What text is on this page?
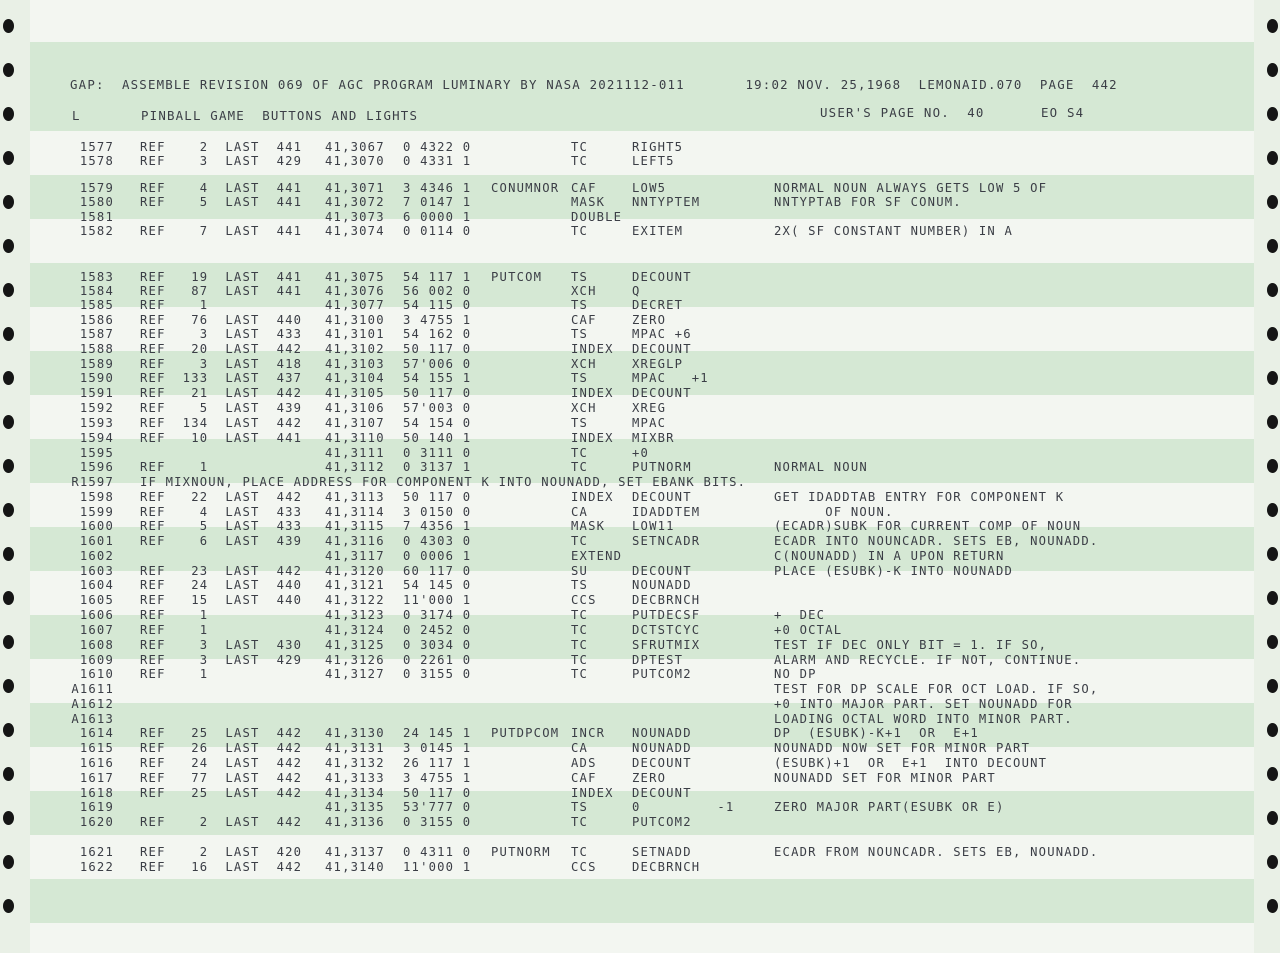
GAP:  ASSEMBLE REVISION 069 OF AGC PROGRAM LUMINARY BY NASA 2021112-011       19:02 NOV. 25,1968  LEMONAID.070  PAGE  442
L	PINBALL GAME  BUTTONS AND LIGHTS	USER'S PAGE NO.  40	EO S4
1577 REF    2  LAST  441 41,3067 0 4322 0	TC	RIGHT5
1578 REF    3  LAST  429 41,3070 0 4331 1	TC	LEFT5
1579 REF    4  LAST  441 41,3071 3 4346 1 CONUMNOR CAF	LOW5	NORMAL NOUN ALWAYS GETS LOW 5 OF
1580 REF    5  LAST  441 41,3072 7 0147 1	MASK NNTYPTEM	NNTYPTAB FOR SF CONUM.
1581	41,3073 6 0000 1	DOUBLE
1582 REF    7  LAST  441 41,3074 0 0114 0	TC	EXITEM	2X( SF CONSTANT NUMBER) IN A
1583 REF   19  LAST  441 41,3075 54 117 1 PUTCOM TS	DECOUNT
1584 REF   87  LAST  441 41,3076 56 002 0	XCH	Q
1585 REF    1	41,3077 54 115 0	TS	DECRET
1586 REF   76  LAST  440 41,3100 3 4755 1	CAF	ZERO
1587 REF    3  LAST  433 41,3101 54 162 0	TS	MPAC +6
1588 REF   20  LAST  442 41,3102 50 117 0	INDEX DECOUNT
1589 REF    3  LAST  418 41,3103 57'006 0	XCH	XREGLP
1590 REF  133  LAST  437 41,3104 54 155 1	TS	MPAC   +1
1591 REF   21  LAST  442 41,3105 50 117 0	INDEX DECOUNT
1592 REF    5  LAST  439 41,3106 57'003 0	XCH	XREG
1593 REF  134  LAST  442 41,3107 54 154 0	TS	MPAC
1594 REF   10  LAST  441 41,3110 50 140 1	INDEX MIXBR
1595	41,3111 0 3111 0	TC	+0
1596 REF    1	41,3112 0 3137 1	TC	PUTNORM	NORMAL NOUN
R1597 IF MIXNOUN, PLACE ADDRESS FOR COMPONENT K INTO NOUNADD, SET EBANK BITS.
1598 REF   22  LAST  442 41,3113 50 117 0	INDEX DECOUNT	GET IDADDTAB ENTRY FOR COMPONENT K
1599 REF    4  LAST  433 41,3114 3 0150 0	CA	IDADDTEM	OF NOUN.
1600 REF    5  LAST  433 41,3115 7 4356 1	MASK LOW11	(ECADR)SUBK FOR CURRENT COMP OF NOUN
1601 REF    6  LAST  439 41,3116 0 4303 0	TC	SETNCADR	ECADR INTO NOUNCADR. SETS EB, NOUNADD.
1602	41,3117 0 0006 1	EXTEND	C(NOUNADD) IN A UPON RETURN
1603 REF   23  LAST  442 41,3120 60 117 0	SU	DECOUNT	PLACE (ESUBK)-K INTO NOUNADD
1604 REF   24  LAST  440 41,3121 54 145 0	TS	NOUNADD
1605 REF   15  LAST  440 41,3122 11'000 1	CCS	DECBRNCH
1606 REF    1	41,3123 0 3174 0	TC	PUTDECSF	+  DEC
1607 REF    1	41,3124 0 2452 0	TC	DCTSTCYC	+0 OCTAL
1608 REF    3  LAST  430 41,3125 0 3034 0	TC	SFRUTMIX	TEST IF DEC ONLY BIT = 1. IF SO,
1609 REF    3  LAST  429 41,3126 0 2261 0	TC	DPTEST	ALARM AND RECYCLE. IF NOT, CONTINUE.
1610 REF    1	41,3127 0 3155 0	TC	PUTCOM2	NO DP
A1611	TEST FOR DP SCALE FOR OCT LOAD. IF SO,
A1612	+0 INTO MAJOR PART. SET NOUNADD FOR
A1613	LOADING OCTAL WORD INTO MINOR PART.
1614 REF   25  LAST  442 41,3130 24 145 1 PUTDPCOM INCR NOUNADD	DP  (ESUBK)-K+1  OR  E+1
1615 REF   26  LAST  442 41,3131 3 0145 1	CA	NOUNADD	NOUNADD NOW SET FOR MINOR PART
1616 REF   24  LAST  442 41,3132 26 117 1	ADS	DECOUNT	(ESUBK)+1  OR  E+1  INTO DECOUNT
1617 REF   77  LAST  442 41,3133 3 4755 1	CAF	ZERO	NOUNADD SET FOR MINOR PART
1618 REF   25  LAST  442 41,3134 50 117 0	INDEX DECOUNT
1619	41,3135 53'777 0	TS	0         -1	ZERO MAJOR PART(ESUBK OR E)
1620 REF    2  LAST  442 41,3136 0 3155 0	TC	PUTCOM2
1621 REF    2  LAST  420 41,3137 0 4311 0 PUTNORM TC	SETNADD	ECADR FROM NOUNCADR. SETS EB, NOUNADD.
1622 REF   16  LAST  442 41,3140 11'000 1	CCS	DECBRNCH
